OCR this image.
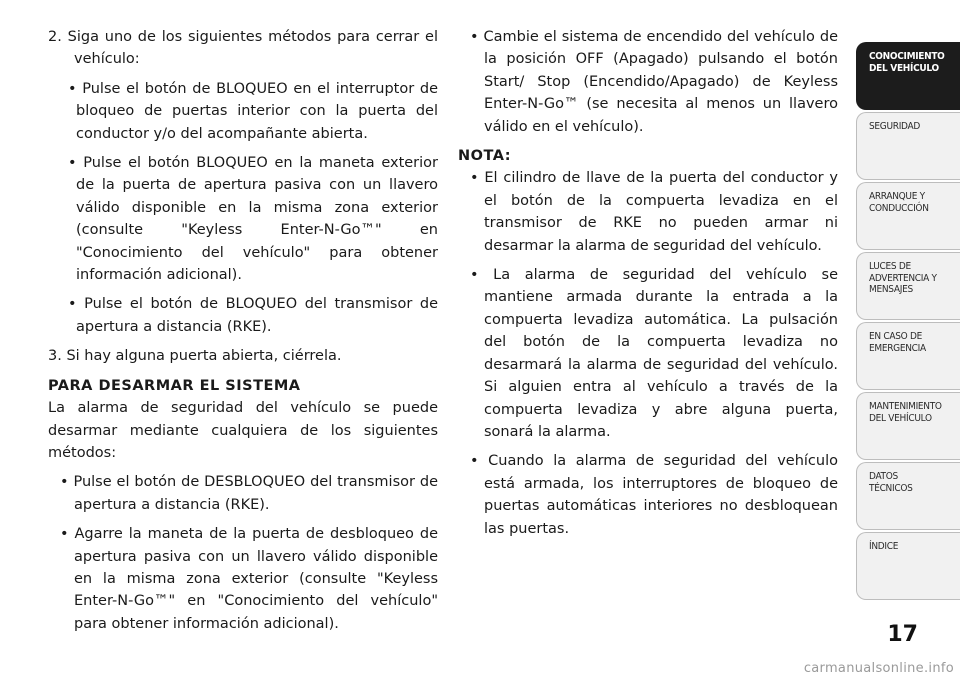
2. Siga uno de los siguientes métodos para cerrar el vehículo:

• Pulse el botón de BLOQUEO en el interruptor de bloqueo de puertas interior con la puerta del conductor y/o del acompañante abierta.

• Pulse el botón BLOQUEO en la maneta exterior de la puerta de apertura pasiva con un llavero válido disponible en la misma zona exterior (consulte "Keyless Enter-N-Go™" en "Conocimiento del vehículo" para obtener información adicional).

• Pulse el botón de BLOQUEO del transmisor de apertura a distancia (RKE).

3. Si hay alguna puerta abierta, ciérrela.

PARA DESARMAR EL SISTEMA

La alarma de seguridad del vehículo se puede desarmar mediante cualquiera de los siguientes métodos:

• Pulse el botón de DESBLOQUEO del transmisor de apertura a distancia (RKE).

• Agarre la maneta de la puerta de desbloqueo de apertura pasiva con un llavero válido disponible en la misma zona exterior (consulte "Keyless Enter-N-Go™" en "Conocimiento del vehículo" para obtener información adicional).

• Cambie el sistema de encendido del vehículo de la posición OFF (Apagado) pulsando el botón Start/ Stop (Encendido/Apagado) de Keyless Enter-N-Go™ (se necesita al menos un llavero válido en el vehículo).

NOTA:

• El cilindro de llave de la puerta del conductor y el botón de la compuerta levadiza en el transmisor de RKE no pueden armar ni desarmar la alarma de seguridad del vehículo.

• La alarma de seguridad del vehículo se mantiene armada durante la entrada a la compuerta levadiza automática. La pulsación del botón de la compuerta levadiza no desarmará la alarma de seguridad del vehículo. Si alguien entra al vehículo a través de la compuerta levadiza y abre alguna puerta, sonará la alarma.

• Cuando la alarma de seguridad del vehículo está armada, los interruptores de bloqueo de puertas automáticas interiores no desbloquean las puertas.

CONOCIMIENTO
DEL VEHÍCULO
SEGURIDAD
ARRANQUE Y
CONDUCCIÓN
LUCES DE
ADVERTENCIA Y
MENSAJES
EN CASO DE
EMERGENCIA
MANTENIMIENTO
DEL VEHÍCULO
DATOS
TÉCNICOS
ÍNDICE
17
carmanualsonline.info
